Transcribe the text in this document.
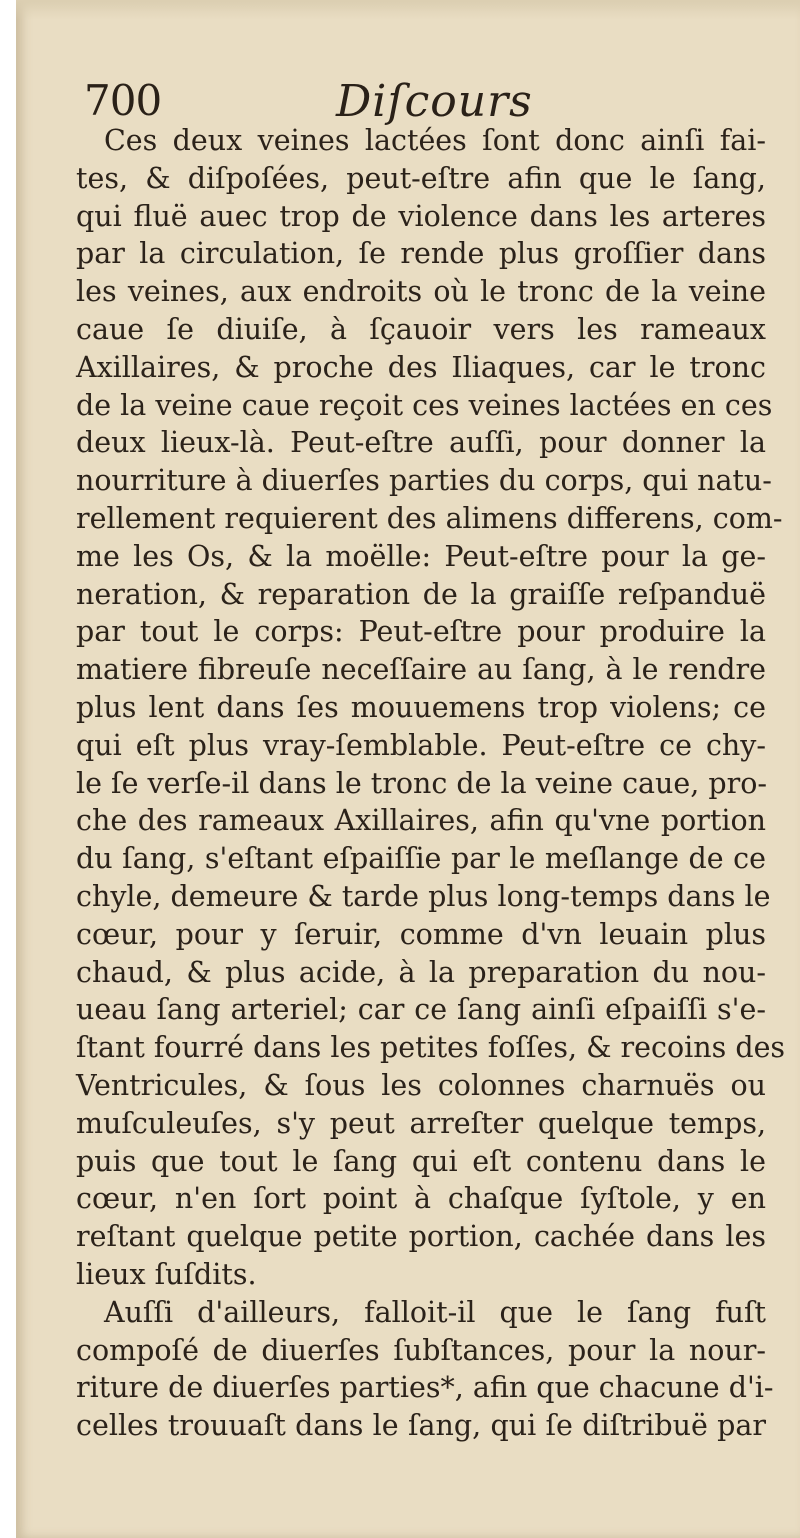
700	Diſcours
Ces deux veines lactées ſont donc ainſi fai-
tes, & diſpoſées, peut-eſtre afin que le ſang,
qui fluë auec trop de violence dans les arteres
par la circulation, ſe rende plus groſſier dans
les veines, aux endroits où le tronc de la veine
caue ſe diuiſe, à ſçauoir vers les rameaux
Axillaires, & proche des Iliaques, car le tronc
de la veine caue reçoit ces veines lactées en ces
deux lieux-là. Peut-eſtre auſſi, pour donner la
nourriture à diuerſes parties du corps, qui natu-
rellement requierent des alimens differens, com-
me les Os, & la moëlle: Peut-eſtre pour la ge-
neration, & reparation de la graiſſe reſpanduë
par tout le corps: Peut-eſtre pour produire la
matiere fibreuſe neceſſaire au ſang, à le rendre
plus lent dans ſes mouuemens trop violens; ce
qui eſt plus vray-ſemblable. Peut-eſtre ce chy-
le ſe verſe-il dans le tronc de la veine caue, pro-
che des rameaux Axillaires, afin qu'vne portion
du ſang, s'eſtant eſpaiſſie par le meſlange de ce
chyle, demeure & tarde plus long-temps dans le
cœur, pour y ſeruir, comme d'vn leuain plus
chaud, & plus acide, à la preparation du nou-
ueau ſang arteriel; car ce ſang ainſi eſpaiſſi s'e-
ſtant fourré dans les petites foſſes, & recoins des
Ventricules, & ſous les colonnes charnuës ou
muſculeuſes, s'y peut arreſter quelque temps,
puis que tout le ſang qui eſt contenu dans le
cœur, n'en ſort point à chaſque ſyſtole, y en
reſtant quelque petite portion, cachée dans les
lieux ſuſdits.
Auſſi d'ailleurs, falloit-il que le ſang fuſt
compoſé de diuerſes ſubſtances, pour la nour-
riture de diuerſes parties*, afin que chacune d'i-
celles trouuaſt dans le ſang, qui ſe diſtribuë par
